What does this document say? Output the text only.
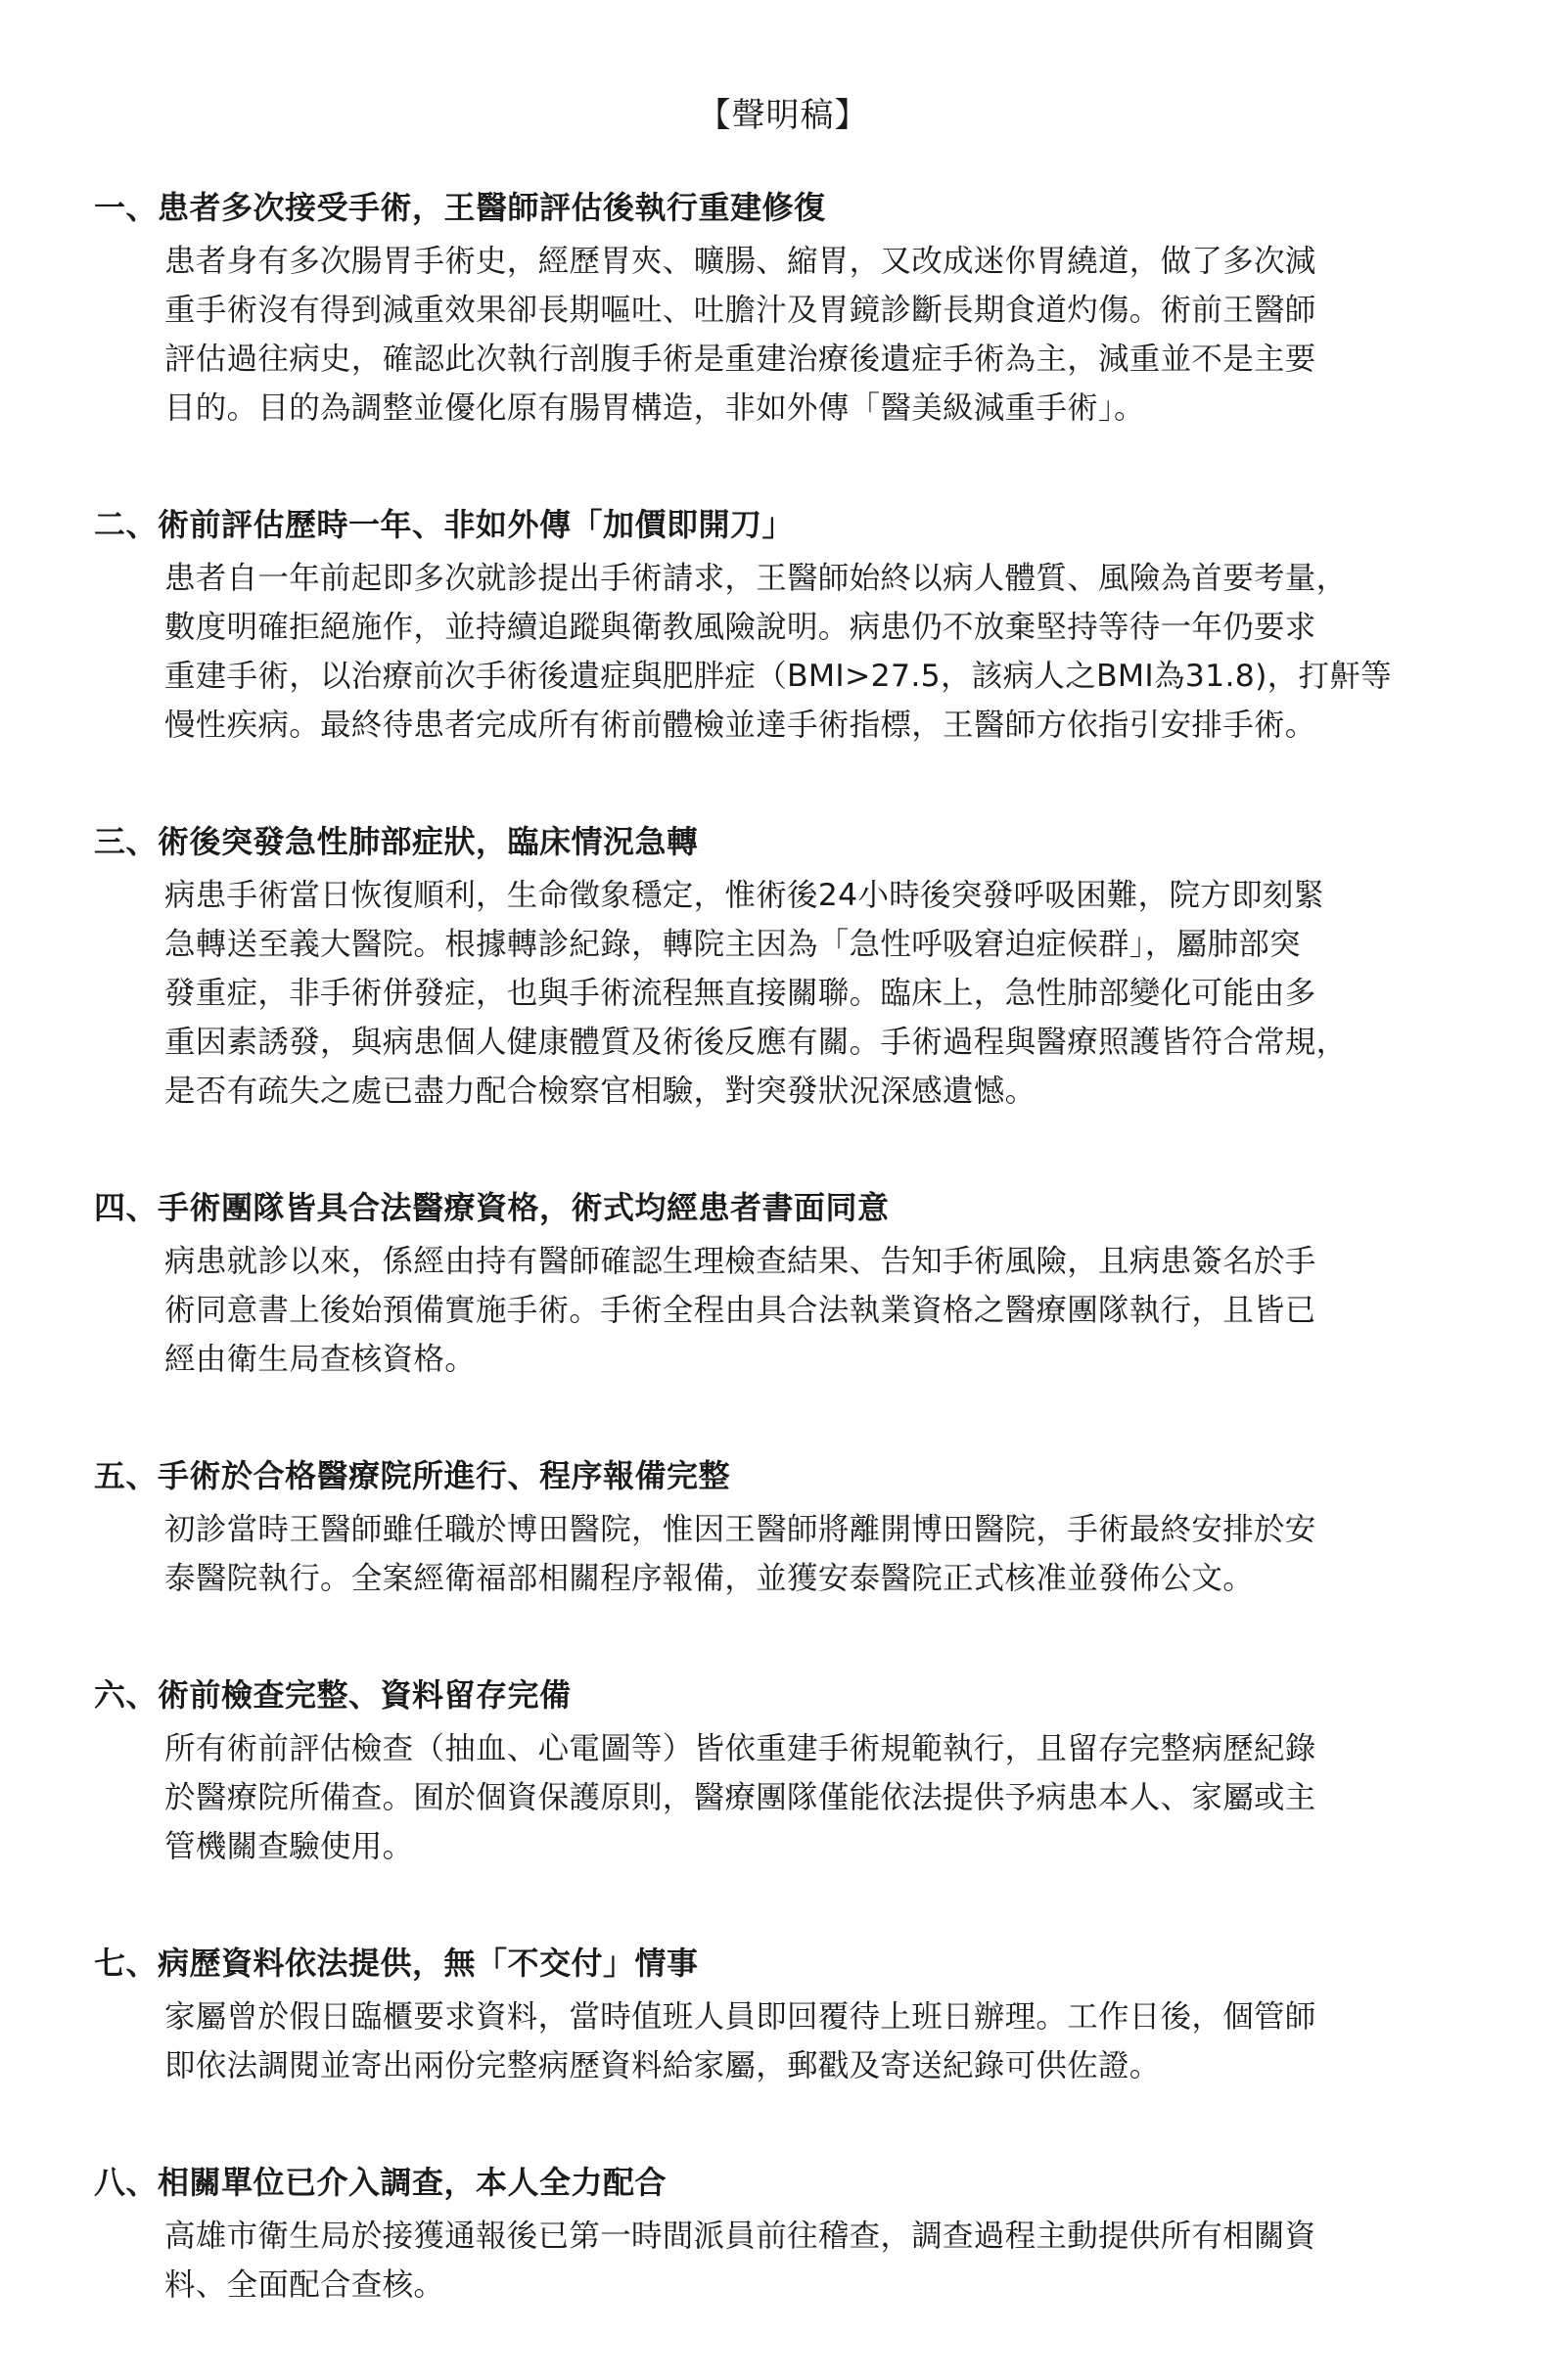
【聲明稿】
一、患者多次接受手術，王醫師評估後執行重建修復
患者身有多次腸胃手術史，經歷胃夾、曠腸、縮胃，又改成迷你胃繞道，做了多次減
重手術沒有得到減重效果卻長期嘔吐、吐膽汁及胃鏡診斷長期食道灼傷。術前王醫師
評估過往病史，確認此次執行剖腹手術是重建治療後遺症手術為主，減重並不是主要
目的。目的為調整並優化原有腸胃構造，非如外傳「醫美級減重手術」。
二、術前評估歷時一年、非如外傳「加價即開刀」
患者自一年前起即多次就診提出手術請求，王醫師始終以病人體質、風險為首要考量，
數度明確拒絕施作，並持續追蹤與衛教風險說明。病患仍不放棄堅持等待一年仍要求
重建手術，以治療前次手術後遺症與肥胖症（BMI>27.5，該病人之BMI為31.8)，打鼾等
慢性疾病。最終待患者完成所有術前體檢並達手術指標，王醫師方依指引安排手術。
三、術後突發急性肺部症狀，臨床情況急轉
病患手術當日恢復順利，生命徵象穩定，惟術後24小時後突發呼吸困難，院方即刻緊
急轉送至義大醫院。根據轉診紀錄，轉院主因為「急性呼吸窘迫症候群」，屬肺部突
發重症，非手術併發症，也與手術流程無直接關聯。臨床上，急性肺部變化可能由多
重因素誘發，與病患個人健康體質及術後反應有關。手術過程與醫療照護皆符合常規，
是否有疏失之處已盡力配合檢察官相驗，對突發狀況深感遺憾。
四、手術團隊皆具合法醫療資格，術式均經患者書面同意
病患就診以來，係經由持有醫師確認生理檢查結果、告知手術風險，且病患簽名於手
術同意書上後始預備實施手術。手術全程由具合法執業資格之醫療團隊執行，且皆已
經由衛生局查核資格。
五、手術於合格醫療院所進行、程序報備完整
初診當時王醫師雖任職於博田醫院，惟因王醫師將離開博田醫院，手術最終安排於安
泰醫院執行。全案經衛福部相關程序報備，並獲安泰醫院正式核准並發佈公文。
六、術前檢查完整、資料留存完備
所有術前評估檢查（抽血、心電圖等）皆依重建手術規範執行，且留存完整病歷紀錄
於醫療院所備查。囿於個資保護原則，醫療團隊僅能依法提供予病患本人、家屬或主
管機關查驗使用。
七、病歷資料依法提供，無「不交付」情事
家屬曾於假日臨櫃要求資料，當時值班人員即回覆待上班日辦理。工作日後，個管師
即依法調閱並寄出兩份完整病歷資料給家屬，郵戳及寄送紀錄可供佐證。
八、相關單位已介入調查，本人全力配合
高雄市衛生局於接獲通報後已第一時間派員前往稽查，調查過程主動提供所有相關資
料、全面配合查核。
